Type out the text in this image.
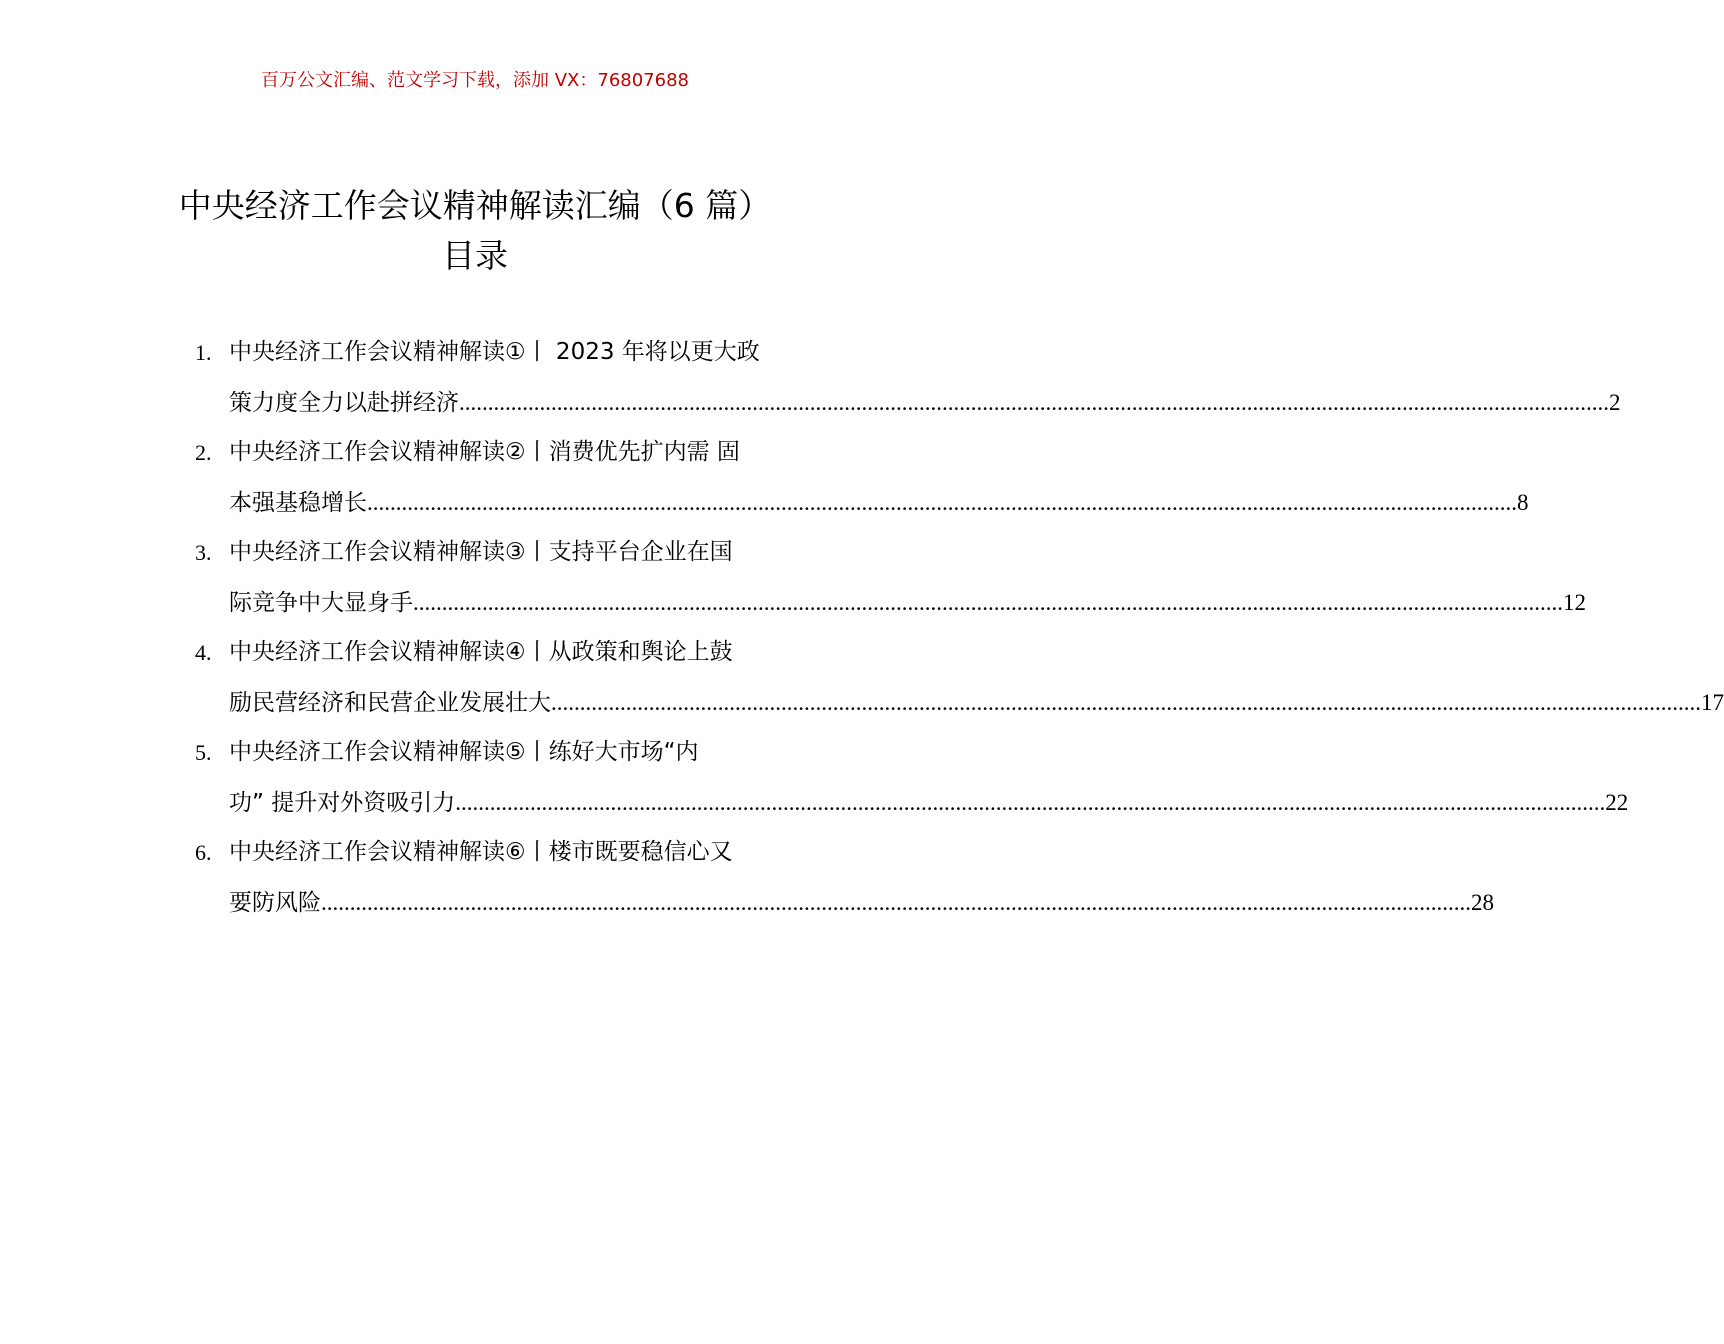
百万公文汇编、范文学习下载，添加 VX：76807688
中央经济工作会议精神解读汇编（6 篇）
目录
1. 中央经济工作会议精神解读①丨 2023 年将以更大政
策力度全力以赴拼经济 ........................................................................................................................................................................................................ 2
2. 中央经济工作会议精神解读②丨消费优先扩内需 固
本强基稳增长 ........................................................................................................................................................................................................ 8
3. 中央经济工作会议精神解读③丨支持平台企业在国
际竞争中大显身手 ........................................................................................................................................................................................................ 12
4. 中央经济工作会议精神解读④丨从政策和舆论上鼓
励民营经济和民营企业发展壮大 ........................................................................................................................................................................................................ 17
5. 中央经济工作会议精神解读⑤丨练好大市场“内
功” 提升对外资吸引力 ........................................................................................................................................................................................................ 22
6. 中央经济工作会议精神解读⑥丨楼市既要稳信心又
要防风险 ........................................................................................................................................................................................................ 28
